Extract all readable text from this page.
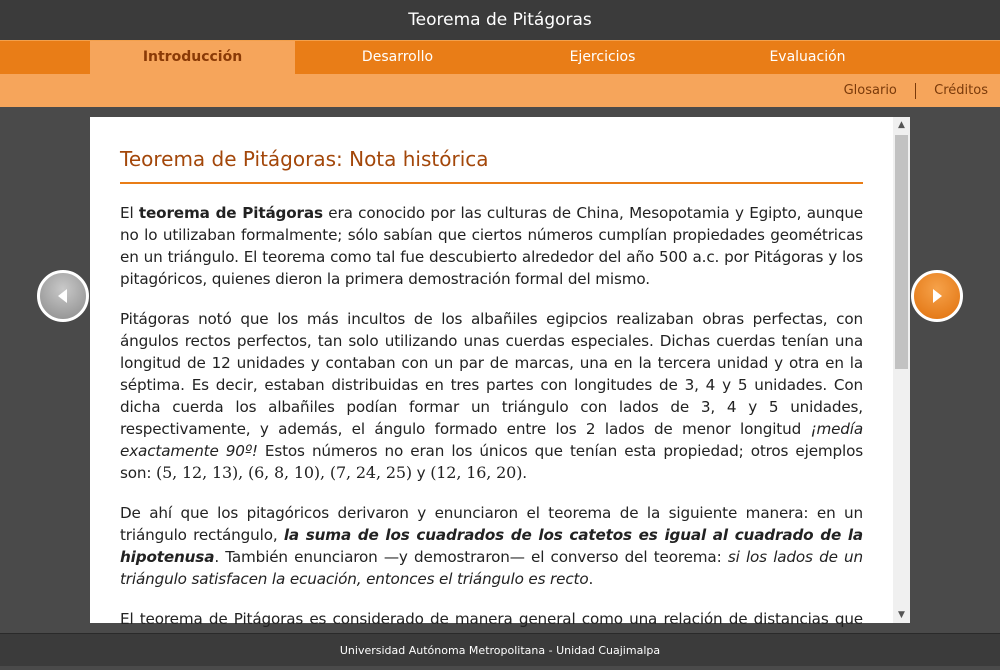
Teorema de Pitágoras
Introducción	Desarrollo	Ejercicios	Evaluación
Glosario	Créditos
Teorema de Pitágoras: Nota histórica

El teorema de Pitágoras era conocido por las culturas de China, Mesopotamia y Egipto, aunque no lo utilizaban formalmente; sólo sabían que ciertos números cumplían propiedades geométricas en un triángulo. El teorema como tal fue descubierto alrededor del año 500 a.c. por Pitágoras y los pitagóricos, quienes dieron la primera demostración formal del mismo.

Pitágoras notó que los más incultos de los albañiles egipcios realizaban obras perfectas, con ángulos rectos perfectos, tan solo utilizando unas cuerdas especiales. Dichas cuerdas tenían una longitud de 12 unidades y contaban con un par de marcas, una en la tercera unidad y otra en la séptima. Es decir, estaban distribuidas en tres partes con longitudes de 3, 4 y 5 unidades. Con dicha cuerda los albañiles podían formar un triángulo con lados de 3, 4 y 5 unidades, respectivamente, y además, el ángulo formado entre los 2 lados de menor longitud ¡medía exactamente 90º! Estos números no eran los únicos que tenían esta propiedad; otros ejemplos son: (5, 12, 13), (6, 8, 10), (7, 24, 25) y (12, 16, 20).

De ahí que los pitagóricos derivaron y enunciaron el teorema de la siguiente manera: en un triángulo rectángulo, la suma de los cuadrados de los catetos es igual al cuadrado de la hipotenusa. También enunciaron —y demostraron— el converso del teorema: si los lados de un triángulo satisfacen la ecuación, entonces el triángulo es recto.

El teorema de Pitágoras es considerado de manera general como una relación de distancias que

▲
▼
Universidad Autónoma Metropolitana - Unidad Cuajimalpa
